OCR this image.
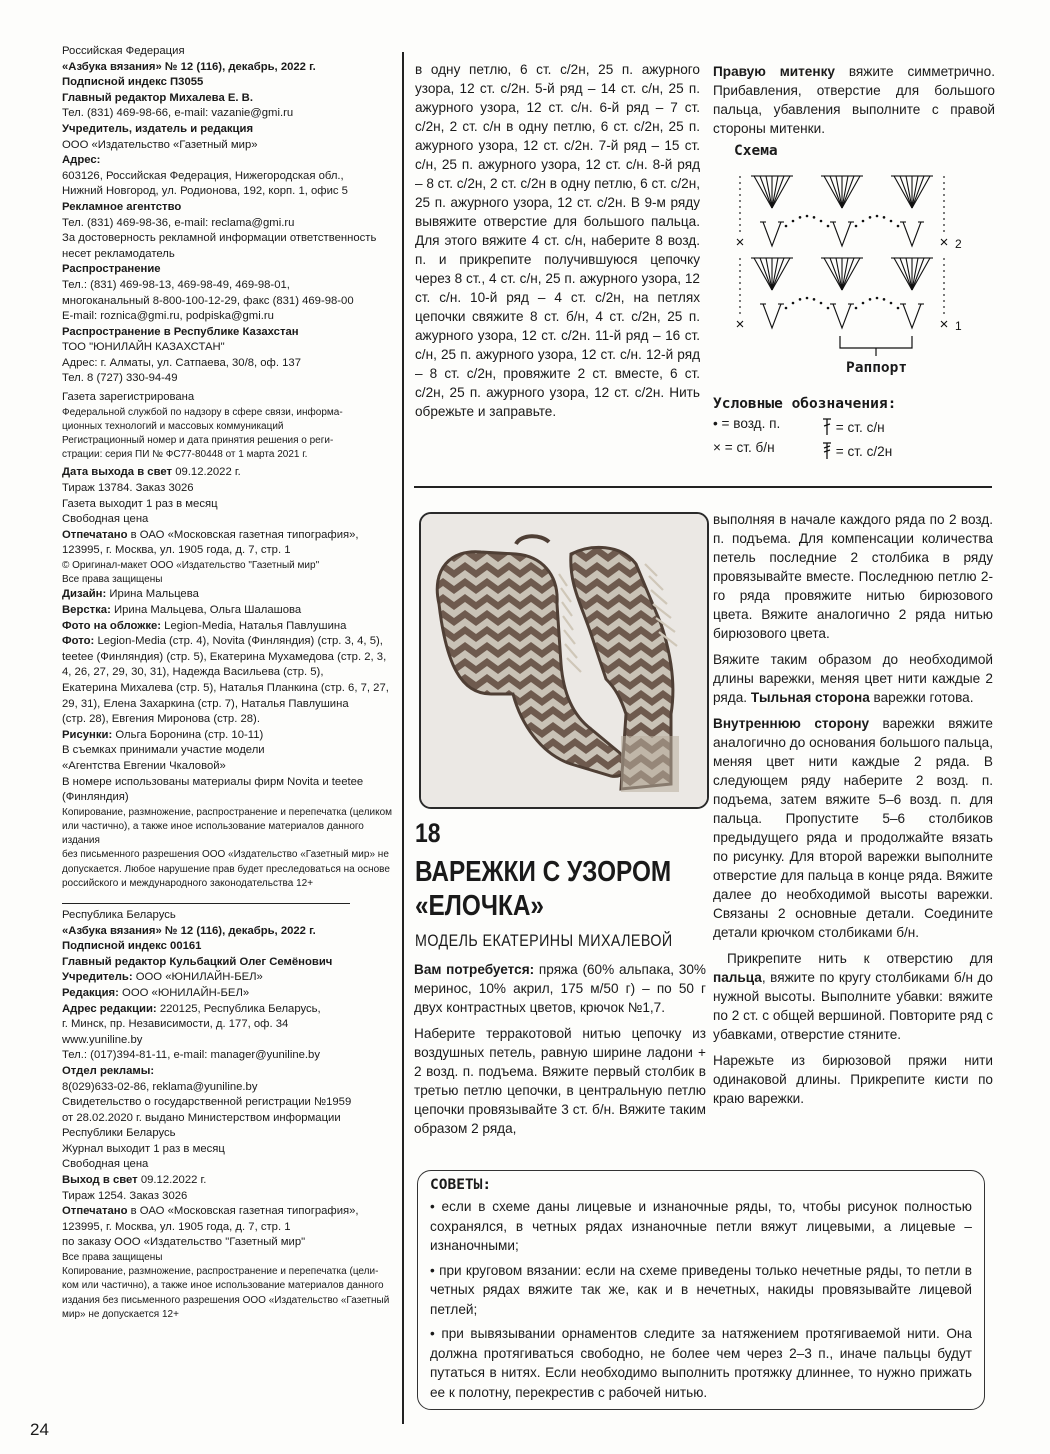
Российская Федерация

«Азбука вязания» № 12 (116), декабрь, 2022 г.

Подписной индекс П3055

Главный редактор Михалева Е. В.

Тел. (831) 469-98-66, e-mail: vazanie@gmi.ru

Учредитель, издатель и редакция

ООО «Издательство «Газетный мир»

Адрес:

603126, Российская Федерация, Нижегородская обл.,

Нижний Новгород, ул. Родионова, 192, корп. 1, офис 5

Рекламное агентство

Тел. (831) 469-98-36, e-mail: reclama@gmi.ru

За достоверность рекламной информации ответственность

несет рекламодатель

Распространение

Тел.: (831) 469-98-13, 469-98-49, 469-98-01,

многоканальный 8-800-100-12-29, факс (831) 469-98-00

E-mail: roznica@gmi.ru, podpiska@gmi.ru

Распространение в Республике Казахстан

ТОО "ЮНИЛАЙН КАЗАХСТАН"

Адрес: г. Алматы, ул. Сатпаева, 30/8, оф. 137

Тел. 8 (727) 330-94-49

Газета зарегистрирована

Федеральной службой по надзору в сфере связи, информа-

ционных технологий и массовых коммуникаций

Регистрационный номер и дата принятия решения о реги-

страции: серия ПИ № ФС77-80448 от 1 марта 2021 г.

Дата выхода в свет 09.12.2022 г.

Тираж 13784. Заказ 3026

Газета выходит 1 раз в месяц

Свободная цена

Отпечатано в ОАО «Московская газетная типография»,

123995, г. Москва, ул. 1905 года, д. 7, стр. 1

© Оригинал-макет ООО «Издательство "Газетный мир"

Все права защищены

Дизайн: Ирина Мальцева

Верстка: Ирина Мальцева, Ольга Шалашова

Фото на обложке: Legion-Media, Наталья Павлушина

Фото: Legion-Media (стр. 4), Novita (Финляндия) (стр. 3, 4, 5),

teetee (Финляндия) (стр. 5), Екатерина Мухамедова (стр. 2, 3,

4, 26, 27, 29, 30, 31), Надежда Васильева (стр. 5),

Екатерина Михалева (стр. 5), Наталья Планкина (стр. 6, 7, 27,

29, 31), Елена Захаркина (стр. 7), Наталья Павлушина

(стр. 28), Евгения Миронова (стр. 28).

Рисунки: Ольга Боронина (стр. 10-11)

В съемках принимали участие модели

«Агентства Евгении Чкаловой»

В номере использованы материалы фирм Novita и teetee

(Финляндия)

Копирование, размножение, распространение и перепечатка (целиком

или частично), а также иное использование материалов данного издания

без письменного разрешения ООО «Издательство «Газетный мир» не

допускается. Любое нарушение прав будет преследоваться на основе

российского и международного законодательства 12+

Республика Беларусь

«Азбука вязания» № 12 (116), декабрь, 2022 г.

Подписной индекс 00161

Главный редактор Кульбацкий Олег Семёнович

Учредитель: ООО «ЮНИЛАЙН-БЕЛ»

Редакция: ООО «ЮНИЛАЙН-БЕЛ»

Адрес редакции: 220125, Республика Беларусь,

г. Минск, пр. Независимости, д. 177, оф. 34

www.yuniline.by

Тел.: (017)394-81-11, e-mail: manager@yuniline.by

Отдел рекламы:

8(029)633-02-86, reklama@yuniline.by

Свидетельство о государственной регистрации №1959

от 28.02.2020 г. выдано Министерством информации

Республики Беларусь

Журнал выходит 1 раз в месяц

Свободная цена

Выход в свет 09.12.2022 г.

Тираж 1254. Заказ 3026

Отпечатано в ОАО «Московская газетная типография»,

123995, г. Москва, ул. 1905 года, д. 7, стр. 1

по заказу ООО «Издательство "Газетный мир"

Все права защищены

Копирование, размножение, распространение и перепечатка (цели-

ком или частично), а также иное использование материалов данного

издания без письменного разрешения ООО «Издательство «Газетный

мир» не допускается 12+

в одну петлю, 6 ст. с/2н, 25 п. ажурного узора, 12 ст. с/2н. 5-й ряд – 14 ст. с/н, 25 п. ажурного узора, 12 ст. с/н. 6-й ряд – 7 ст. с/2н, 2 ст. с/н в одну петлю, 6 ст. с/2н, 25 п. ажурного узора, 12 ст. с/2н. 7-й ряд – 15 ст. с/н, 25 п. ажурного узора, 12 ст. с/н. 8-й ряд – 8 ст. с/2н, 2 ст. с/2н в одну петлю, 6 ст. с/2н, 25 п. ажурного узора, 12 ст. с/2н. В 9-м ряду вывяжите отверстие для большого пальца. Для этого вяжите 4 ст. с/н, наберите 8 возд. п. и прикрепите получившуюся цепочку через 8 ст., 4 ст. с/н, 25 п. ажурного узора, 12 ст. с/н. 10-й ряд – 4 ст. с/2н, на петлях цепочки свяжите 8 ст. б/н, 4 ст. с/2н, 25 п. ажурного узора, 12 ст. с/2н. 11-й ряд – 16 ст. с/н, 25 п. ажурного узора, 12 ст. с/н. 12-й ряд – 8 ст. с/2н, провяжите 2 ст. вместе, 6 ст. с/2н, 25 п. ажурного узора, 12 ст. с/2н. Нить обрежьте и заправьте.

Правую митенку вяжите симметрично. Прибавления, отверстие для большого пальца, убавления выполните с правой стороны митенки.

Схема
2
1
Раппорт
Условные обозначения:
• = возд. п.
× = ст. б/н
= ст. с/н
= ст. с/2н
18
ВАРЕЖКИ С УЗОРОМ
«ЕЛОЧКА»
МОДЕЛЬ ЕКАТЕРИНЫ МИХАЛЕВОЙ

Вам потребуется: пряжа (60% альпака, 30% меринос, 10% акрил, 175 м/50 г) – по 50 г двух контрастных цветов, крючок №1,7.

Наберите терракотовой нитью цепочку из воздушных петель, равную ширине ладони + 2 возд. п. подъема. Вяжите первый столбик в третью петлю цепочки, в центральную петлю цепочки провязывайте 3 ст. б/н. Вяжите таким образом 2 ряда,

выполняя в начале каждого ряда по 2 возд. п. подъема. Для компенсации количества петель последние 2 столбика в ряду провязывайте вместе. Последнюю петлю 2-го ряда провяжите нитью бирюзового цвета. Вяжите аналогично 2 ряда нитью бирюзового цвета.

Вяжите таким образом до необходимой длины варежки, меняя цвет нити каждые 2 ряда. Тыльная сторона варежки готова.

Внутреннюю сторону варежки вяжите аналогично до основания большого пальца, меняя цвет нити каждые 2 ряда. В следующем ряду наберите 2 возд. п. подъема, затем вяжите 5–6 возд. п. для пальца. Пропустите 5–6 столбиков предыдущего ряда и продолжайте вязать по рисунку. Для второй варежки выполните отверстие для пальца в конце ряда. Вяжите далее до необходимой высоты варежки. Связаны 2 основные детали. Соедините детали крючком столбиками б/н.

Прикрепите нить к отверстию для пальца, вяжите по кругу столбиками б/н до нужной высоты. Выполните убавки: вяжите по 2 ст. с общей вершиной. Повторите ряд с убавками, отверстие стяните.

Нарежьте из бирюзовой пряжи нити одинаковой длины. Прикрепите кисти по краю варежки.

СОВЕТЫ:

• если в схеме даны лицевые и изнаночные ряды, то, чтобы рисунок полностью сохранялся, в четных рядах изнаночные петли вяжут лицевыми, а лицевые – изнаночными;

• при круговом вязании: если на схеме приведены только нечетные ряды, то петли в четных рядах вяжите так же, как и в нечетных, накиды провязывайте лицевой петлей;

• при вывязывании орнаментов следите за натяжением протягиваемой нити. Она должна протягиваться свободно, не более чем через 2–3 п., иначе пальцы будут путаться в нитях. Если необходимо выполнить протяжку длиннее, то нужно прижать ее к полотну, перекрестив с рабочей нитью.

24
